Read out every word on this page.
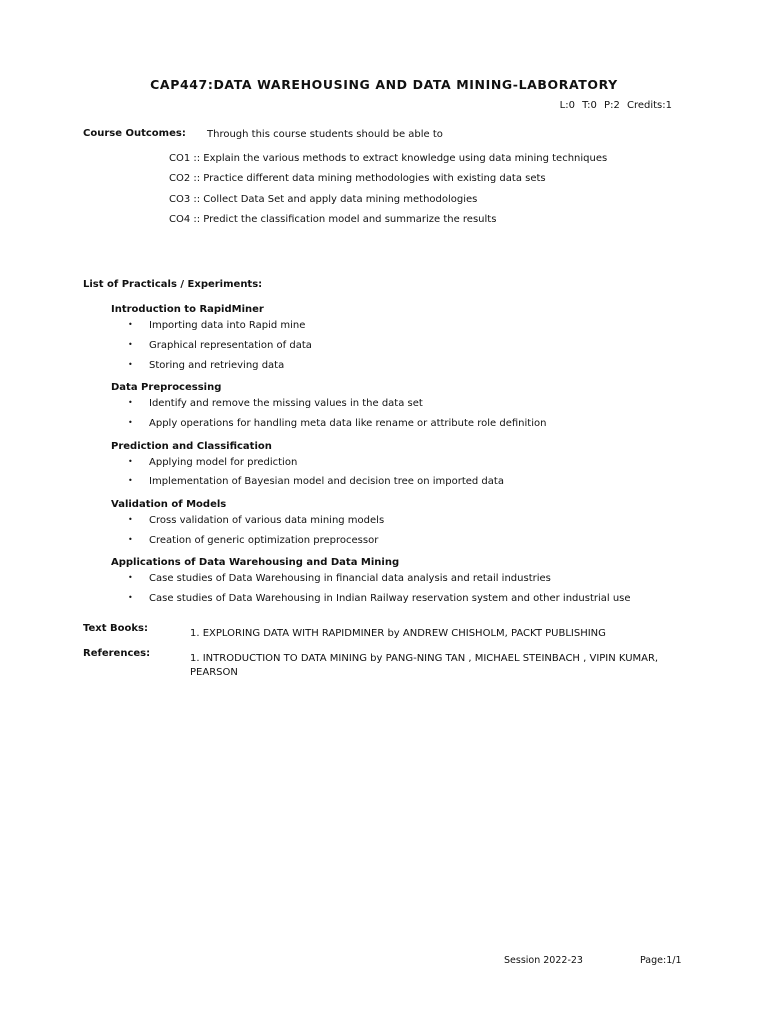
CAP447:DATA WAREHOUSING AND DATA MINING-LABORATORY
L:0 T:0 P:2 Credits:1
Course Outcomes: Through this course students should be able to
CO1 :: Explain the various methods to extract knowledge using data mining techniques
CO2 :: Practice different data mining methodologies with existing data sets
CO3 :: Collect Data Set and apply data mining methodologies
CO4 :: Predict the classification model and summarize the results
List of Practicals / Experiments:
Introduction to RapidMiner
• Importing data into Rapid mine
• Graphical representation of data
• Storing and retrieving data
Data Preprocessing
• Identify and remove the missing values in the data set
• Apply operations for handling meta data like rename or attribute role definition
Prediction and Classification
• Applying model for prediction
• Implementation of Bayesian model and decision tree on imported data
Validation of Models
• Cross validation of various data mining models
• Creation of generic optimization preprocessor
Applications of Data Warehousing and Data Mining
• Case studies of Data Warehousing in financial data analysis and retail industries
• Case studies of Data Warehousing in Indian Railway reservation system and other industrial use
Text Books:	1. EXPLORING DATA WITH RAPIDMINER by ANDREW CHISHOLM, PACKT PUBLISHING
References:	1. INTRODUCTION TO DATA MINING by PANG-NING TAN , MICHAEL STEINBACH , VIPIN KUMAR, PEARSON
Session 2022-23	Page:1/1
